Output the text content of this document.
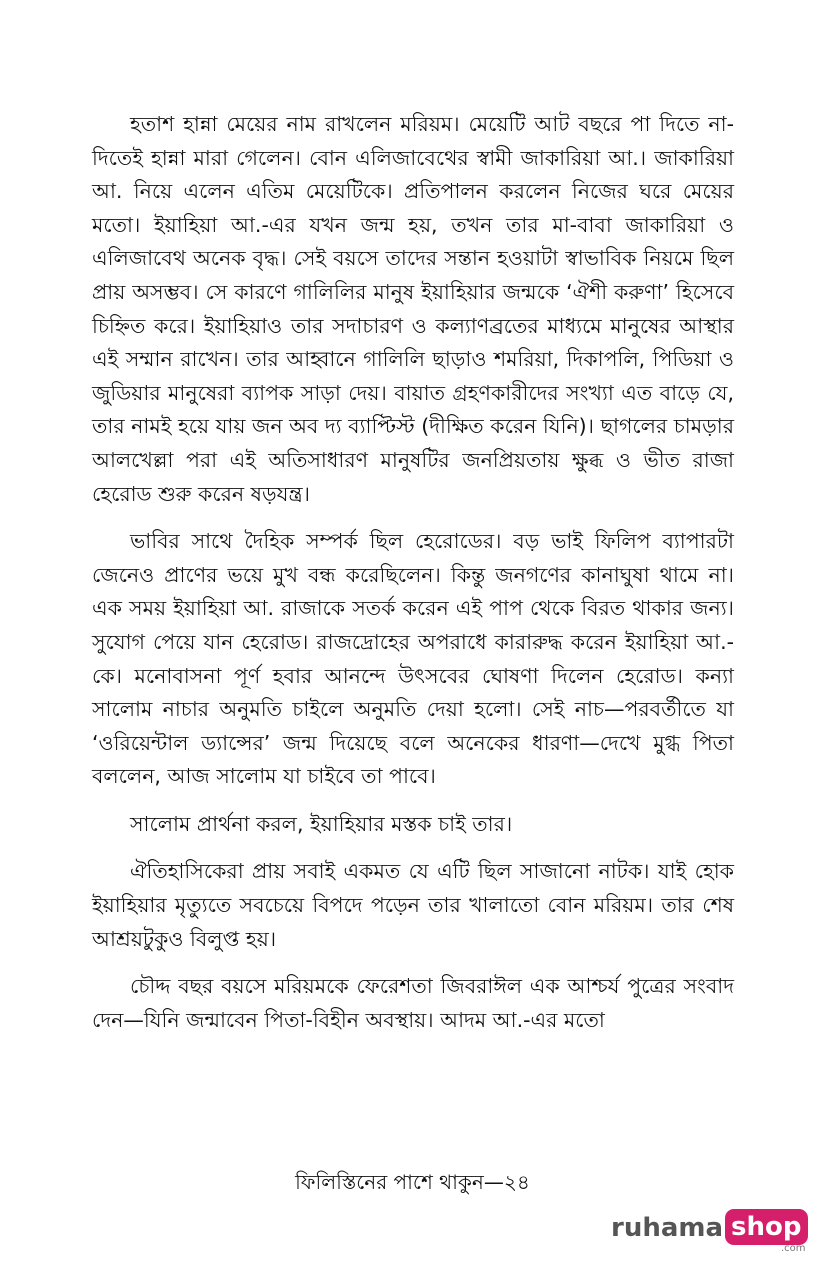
হতাশ হান্না মেয়ের নাম রাখলেন মরিয়ম। মেয়েটি আট বছরে পা দিতে না-দিতেই হান্না মারা গেলেন। বোন এলিজাবেথের স্বামী জাকারিয়া আ.। জাকারিয়া আ. নিয়ে এলেন এতিম মেয়েটিকে। প্রতিপালন করলেন নিজের ঘরে মেয়ের মতো। ইয়াহিয়া আ.-এর যখন জন্ম হয়, তখন তার মা-বাবা জাকারিয়া ও এলিজাবেথ অনেক বৃদ্ধ। সেই বয়সে তাদের সন্তান হওয়াটা স্বাভাবিক নিয়মে ছিল প্রায় অসম্ভব। সে কারণে গালিলির মানুষ ইয়াহিয়ার জন্মকে ‘ঐশী করুণা’ হিসেবে চিহ্নিত করে। ইয়াহিয়াও তার সদাচারণ ও কল্যাণব্রতের মাধ্যমে মানুষের আস্থার এই সম্মান রাখেন। তার আহ্বানে গালিলি ছাড়াও শমরিয়া, দিকাপলি, পিডিয়া ও জুডিয়ার মানুষেরা ব্যাপক সাড়া দেয়। বায়াত গ্রহণকারীদের সংখ্যা এত বাড়ে যে, তার নামই হয়ে যায় জন অব দ্য ব্যাপ্টিস্ট (দীক্ষিত করেন যিনি)। ছাগলের চামড়ার আলখেল্লা পরা এই অতিসাধারণ মানুষটির জনপ্রিয়তায় ক্ষুব্ধ ও ভীত রাজা হেরোড শুরু করেন ষড়যন্ত্র।

ভাবির সাথে দৈহিক সম্পর্ক ছিল হেরোডের। বড় ভাই ফিলিপ ব্যাপারটা জেনেও প্রাণের ভয়ে মুখ বন্ধ করেছিলেন। কিন্তু জনগণের কানাঘুষা থামে না। এক সময় ইয়াহিয়া আ. রাজাকে সতর্ক করেন এই পাপ থেকে বিরত থাকার জন্য। সুযোগ পেয়ে যান হেরোড। রাজদ্রোহের অপরাধে কারারুদ্ধ করেন ইয়াহিয়া আ.-কে। মনোবাসনা পূর্ণ হবার আনন্দে উৎসবের ঘোষণা দিলেন হেরোড। কন্যা সালোম নাচার অনুমতি চাইলে অনুমতি দেয়া হলো। সেই নাচ—পরবর্তীতে যা ‘ওরিয়েন্টাল ড্যান্সের’ জন্ম দিয়েছে বলে অনেকের ধারণা—দেখে মুগ্ধ পিতা বললেন, আজ সালোম যা চাইবে তা পাবে।

সালোম প্রার্থনা করল, ইয়াহিয়ার মস্তক চাই তার।

ঐতিহাসিকেরা প্রায় সবাই একমত যে এটি ছিল সাজানো নাটক। যাই হোক ইয়াহিয়ার মৃত্যুতে সবচেয়ে বিপদে পড়েন তার খালাতো বোন মরিয়ম। তার শেষ আশ্রয়টুকুও বিলুপ্ত হয়।

চৌদ্দ বছর বয়সে মরিয়মকে ফেরেশতা জিবরাঈল এক আশ্চর্য পুত্রের সংবাদ দেন—যিনি জন্মাবেন পিতা-বিহীন অবস্থায়। আদম আ.-এর মতো

ফিলিস্তিনের পাশে থাকুন—২৪
ruhama shop
.com
